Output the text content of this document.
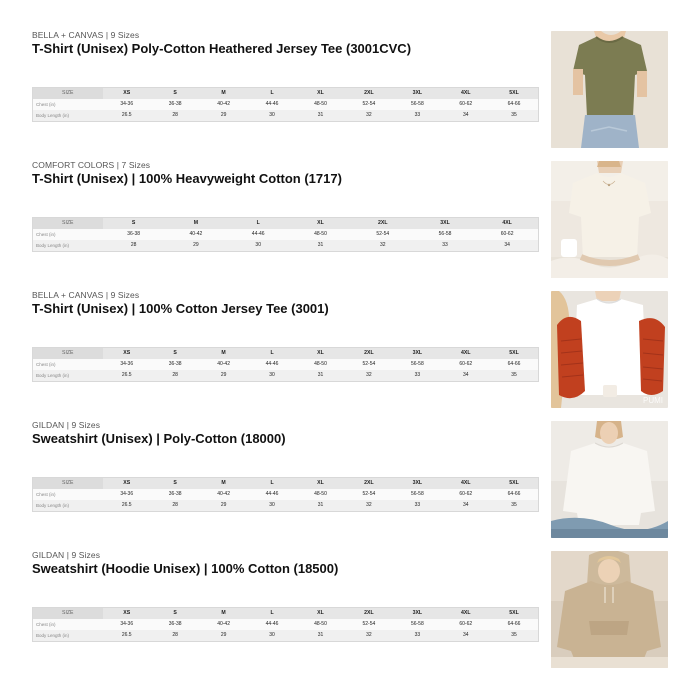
BELLA + CANVAS | 9 Sizes
T-Shirt (Unisex) Poly-Cotton Heathered Jersey Tee (3001CVC)
SIZE	XS	S	M	L	XL	2XL	3XL	4XL	5XL
Chest (in)	34-36	36-38	40-42	44-46	48-50	52-54	56-58	60-62	64-66
Body Length (in)	26.5	28	29	30	31	32	33	34	35
COMFORT COLORS | 7 Sizes
T-Shirt (Unisex) | 100% Heavyweight Cotton (1717)
SIZE	S	M	L	XL	2XL	3XL	4XL
Chest (in)	36-38	40-42	44-46	48-50	52-54	56-58	60-62
Body Length (in)	28	29	30	31	32	33	34
BELLA + CANVAS | 9 Sizes
T-Shirt (Unisex) | 100% Cotton Jersey Tee (3001)
SIZE	XS	S	M	L	XL	2XL	3XL	4XL	5XL
Chest (in)	34-36	36-38	40-42	44-46	48-50	52-54	56-58	60-62	64-66
Body Length (in)	26.5	28	29	30	31	32	33	34	35
PUMI
GILDAN | 9 Sizes
Sweatshirt (Unisex) | Poly-Cotton (18000)
SIZE	XS	S	M	L	XL	2XL	3XL	4XL	5XL
Chest (in)	34-36	36-38	40-42	44-46	48-50	52-54	56-58	60-62	64-66
Body Length (in)	26.5	28	29	30	31	32	33	34	35
GILDAN | 9 Sizes
Sweatshirt (Hoodie Unisex) | 100% Cotton (18500)
SIZE	XS	S	M	L	XL	2XL	3XL	4XL	5XL
Chest (in)	34-36	36-38	40-42	44-46	48-50	52-54	56-58	60-62	64-66
Body Length (in)	26.5	28	29	30	31	32	33	34	35
